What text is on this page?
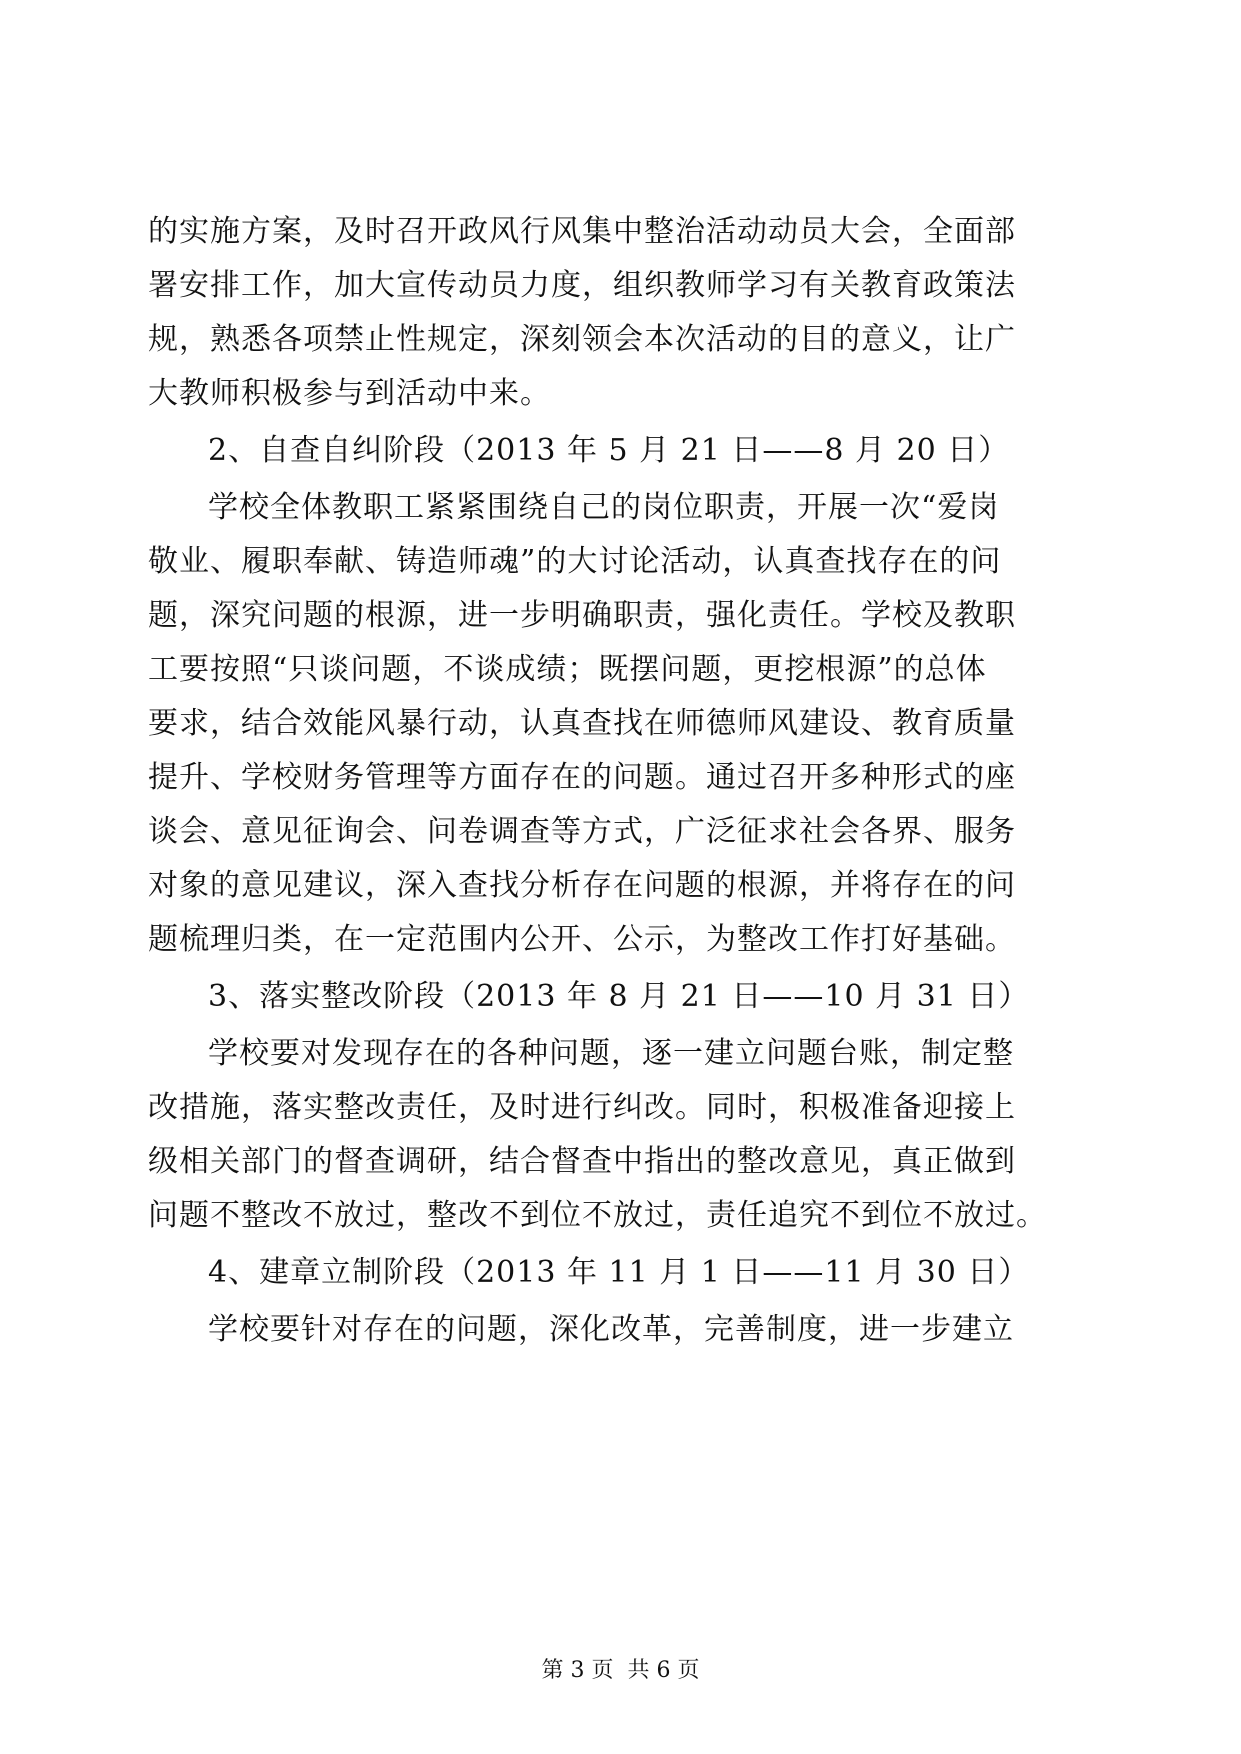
的实施方案，及时召开政风行风集中整治活动动员大会，全面部
署安排工作，加大宣传动员力度，组织教师学习有关教育政策法
规，熟悉各项禁止性规定，深刻领会本次活动的目的意义，让广
大教师积极参与到活动中来。
2、自查自纠阶段（2013 年 5 月 21 日——8 月 20 日）
学校全体教职工紧紧围绕自己的岗位职责，开展一次“爱岗
敬业、履职奉献、铸造师魂”的大讨论活动，认真查找存在的问
题，深究问题的根源，进一步明确职责，强化责任。学校及教职
工要按照“只谈问题，不谈成绩；既摆问题，更挖根源”的总体
要求，结合效能风暴行动，认真查找在师德师风建设、教育质量
提升、学校财务管理等方面存在的问题。通过召开多种形式的座
谈会、意见征询会、问卷调查等方式，广泛征求社会各界、服务
对象的意见建议，深入查找分析存在问题的根源，并将存在的问
题梳理归类，在一定范围内公开、公示，为整改工作打好基础。
3、落实整改阶段（2013 年 8 月 21 日——10 月 31 日）
学校要对发现存在的各种问题，逐一建立问题台账，制定整
改措施，落实整改责任，及时进行纠改。同时，积极准备迎接上
级相关部门的督查调研，结合督查中指出的整改意见，真正做到
问题不整改不放过，整改不到位不放过，责任追究不到位不放过。
4、建章立制阶段（2013 年 11 月 1 日——11 月 30 日）
学校要针对存在的问题，深化改革，完善制度，进一步建立
第 3 页  共 6 页
